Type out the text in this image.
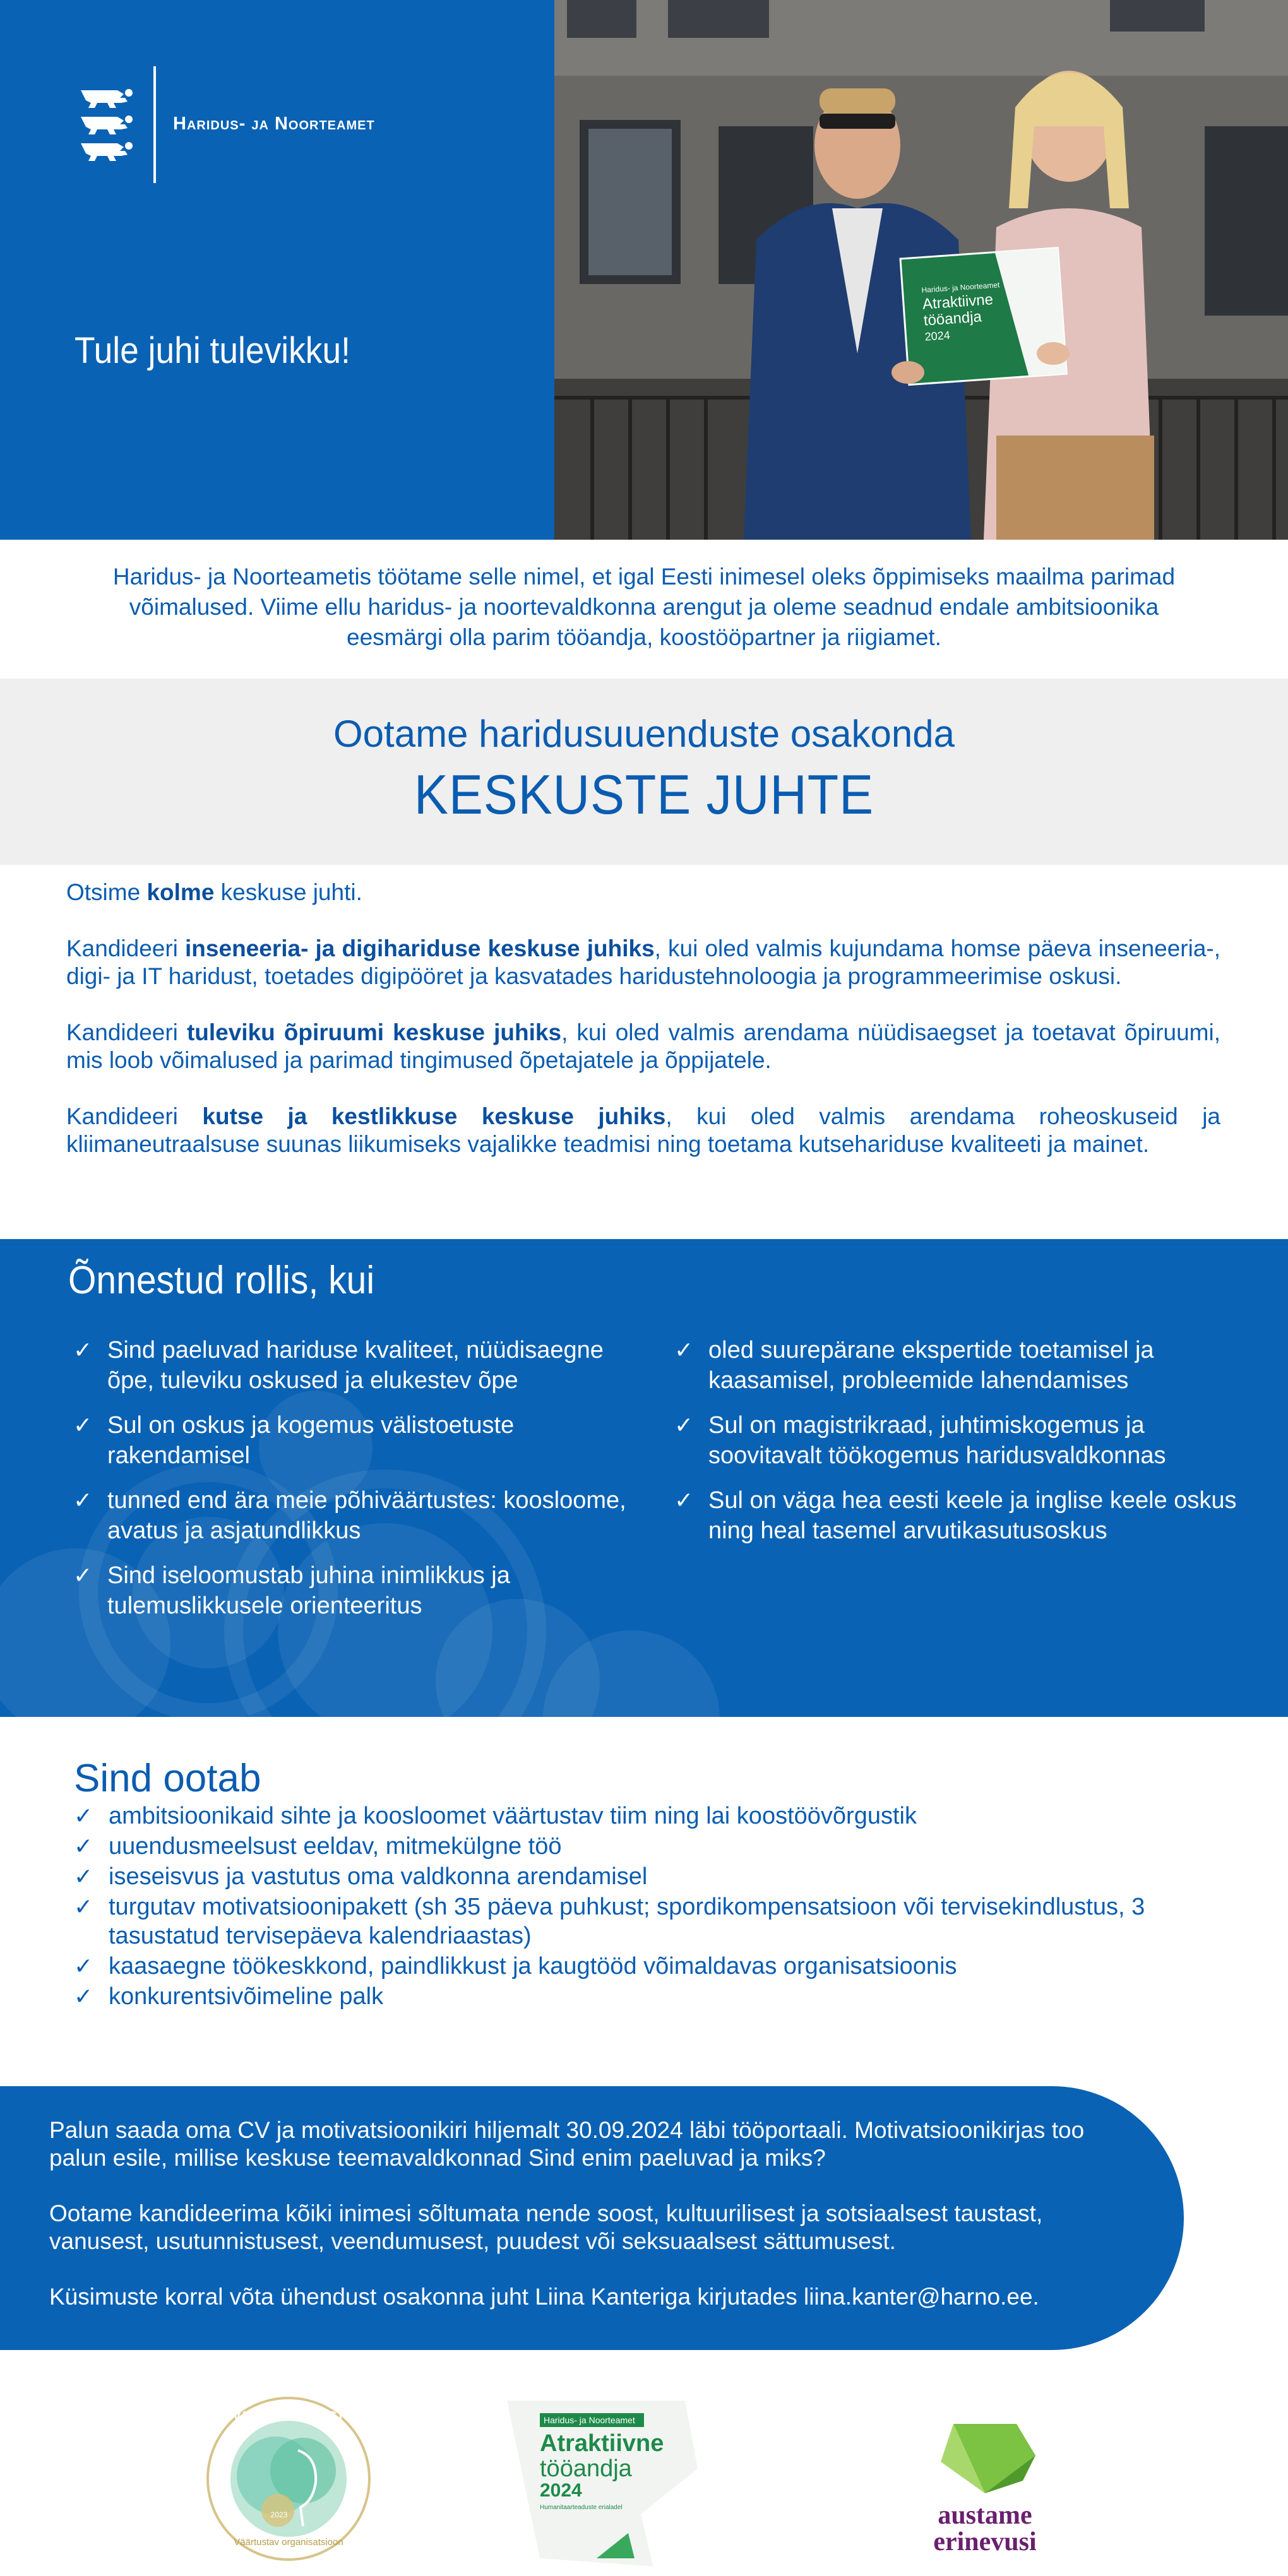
Haridus- ja Noorteamet
Tule juhi tulevikku!
Haridus- ja Noorteamet
Atraktiivne
tööandja
2024

Haridus- ja Noorteametis töötame selle nimel, et igal Eesti inimesel oleks õppimiseks maailma parimad võimalused. Viime ellu haridus- ja noortevaldkonna arengut ja oleme seadnud endale ambitsioonika eesmärgi olla parim tööandja, koostööpartner ja riigiamet.

Ootame haridusuuenduste osakonda
KESKUSTE JUHTE

Otsime kolme keskuse juhti.

Kandideeri inseneeria- ja digihariduse keskuse juhiks, kui oled valmis kujundama homse päeva inseneeria-, digi- ja IT haridust, toetades digipööret ja kasvatades haridustehnoloogia ja programmeerimise oskusi.

Kandideeri tuleviku õpiruumi keskuse juhiks, kui oled valmis arendama nüüdisaegset ja toetavat õpiruumi, mis loob võimalused ja parimad tingimused õpetajatele ja õppijatele.

Kandideeri kutse ja kestlikkuse keskuse juhiks, kui oled valmis arendama roheoskuseid ja kliimaneutraalsuse suunas liikumiseks vajalikke teadmisi ning toetama kutsehariduse kvaliteeti ja mainet.

Õnnestud rollis, kui
✓ Sind paeluvad hariduse kvaliteet, nüüdisaegne õpe, tuleviku oskused ja elukestev õpe
✓ Sul on oskus ja kogemus välistoetuste rakendamisel
✓ tunned end ära meie põhiväärtustes: koosloome, avatus ja asjatundlikkus
✓ Sind iseloomustab juhina inimlikkus ja tulemuslikkusele orienteeritus
✓ oled suurepärane ekspertide toetamisel ja kaasamisel, probleemide lahendamises
✓ Sul on magistrikraad, juhtimiskogemus ja soovitavalt töökogemus haridusvaldkonnas
✓ Sul on väga hea eesti keele ja inglise keele oskus ning heal tasemel arvutikasutusoskus
Sind ootab
✓ ambitsioonikaid sihte ja koosloomet väärtustav tiim ning lai koostöövõrgustik
✓ uuendusmeelsust eeldav, mitmekülgne töö
✓ iseseisvus ja vastutus oma valdkonna arendamisel
✓ turgutav motivatsioonipakett (sh 35 päeva puhkust; spordikompensatsioon või tervisekindlustus, 3 tasustatud tervisepäeva kalendriaastas)
✓ kaasaegne töökeskkond, paindlikkust ja kaugtööd võimaldavas organisatsioonis
✓ konkurentsivõimeline palk

Palun saada oma CV ja motivatsioonikiri hiljemalt 30.09.2024 läbi tööportaali. Motivatsioonikirjas too palun esile, millise keskuse teemavaldkonnad Sind enim paeluvad ja miks?

Ootame kandideerima kõiki inimesi sõltumata nende soost, kultuurilisest ja sotsiaalsest taustast, vanusest, usutunnistusest, veendumusest, puudest või seksuaalsest sättumusest.

Küsimuste korral võta ühendust osakonna juht Liina Kanteriga kirjutades liina.kanter@harno.ee.

VAIMSET TERVIST
2023
Väärtustav organisatsioon
Haridus- ja Noorteamet
Atraktiivne
tööandja
2024
Humanitaarteaduste erialadel	austame
erinevusi
